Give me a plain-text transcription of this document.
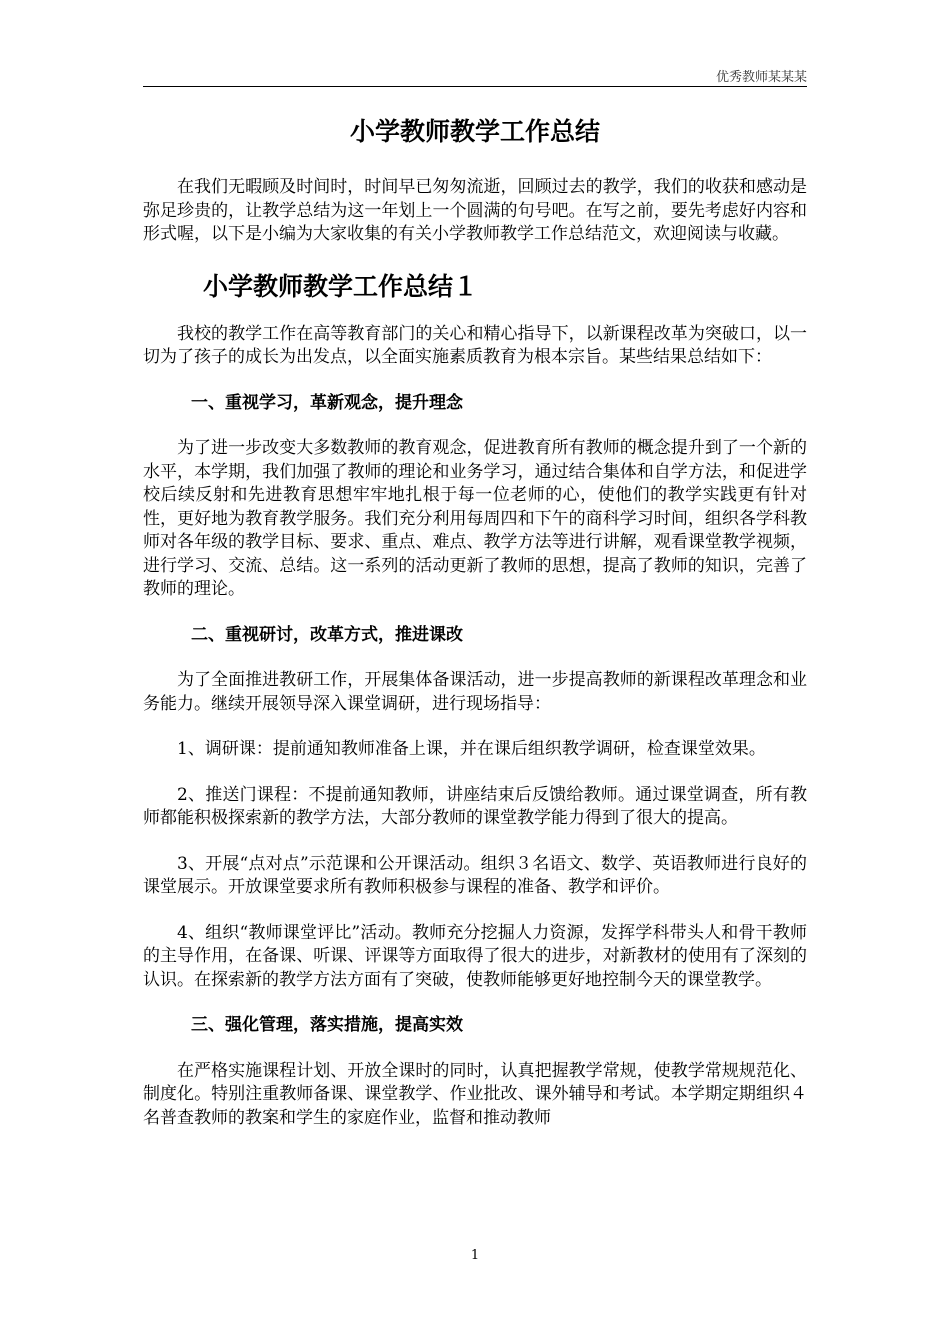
优秀教师某某某
小学教师教学工作总结

在我们无暇顾及时间时，时间早已匆匆流逝，回顾过去的教学，我们的收获和感动是弥足珍贵的，让教学总结为这一年划上一个圆满的句号吧。在写之前，要先考虑好内容和形式喔，以下是小编为大家收集的有关小学教师教学工作总结范文，欢迎阅读与收藏。

小学教师教学工作总结１

我校的教学工作在高等教育部门的关心和精心指导下，以新课程改革为突破口，以一切为了孩子的成长为出发点，以全面实施素质教育为根本宗旨。某些结果总结如下：

一、重视学习，革新观念，提升理念

为了进一步改变大多数教师的教育观念，促进教育所有教师的概念提升到了一个新的水平，本学期，我们加强了教师的理论和业务学习，通过结合集体和自学方法，和促进学校后续反射和先进教育思想牢牢地扎根于每一位老师的心，使他们的教学实践更有针对性，更好地为教育教学服务。我们充分利用每周四和下午的商科学习时间，组织各学科教师对各年级的教学目标、要求、重点、难点、教学方法等进行讲解，观看课堂教学视频，进行学习、交流、总结。这一系列的活动更新了教师的思想，提高了教师的知识，完善了教师的理论。

二、重视研讨，改革方式，推进课改

为了全面推进教研工作，开展集体备课活动，进一步提高教师的新课程改革理念和业务能力。继续开展领导深入课堂调研，进行现场指导：

1、调研课：提前通知教师准备上课，并在课后组织教学调研，检查课堂效果。

2、推送门课程：不提前通知教师，讲座结束后反馈给教师。通过课堂调查，所有教师都能积极探索新的教学方法，大部分教师的课堂教学能力得到了很大的提高。

3、开展“点对点”示范课和公开课活动。组织３名语文、数学、英语教师进行良好的课堂展示。开放课堂要求所有教师积极参与课程的准备、教学和评价。

4、组织“教师课堂评比”活动。教师充分挖掘人力资源，发挥学科带头人和骨干教师的主导作用，在备课、听课、评课等方面取得了很大的进步，对新教材的使用有了深刻的认识。在探索新的教学方法方面有了突破，使教师能够更好地控制今天的课堂教学。

三、强化管理，落实措施，提高实效

在严格实施课程计划、开放全课时的同时，认真把握教学常规，使教学常规规范化、制度化。特别注重教师备课、课堂教学、作业批改、课外辅导和考试。本学期定期组织４名普查教师的教案和学生的家庭作业，监督和推动教师

1
